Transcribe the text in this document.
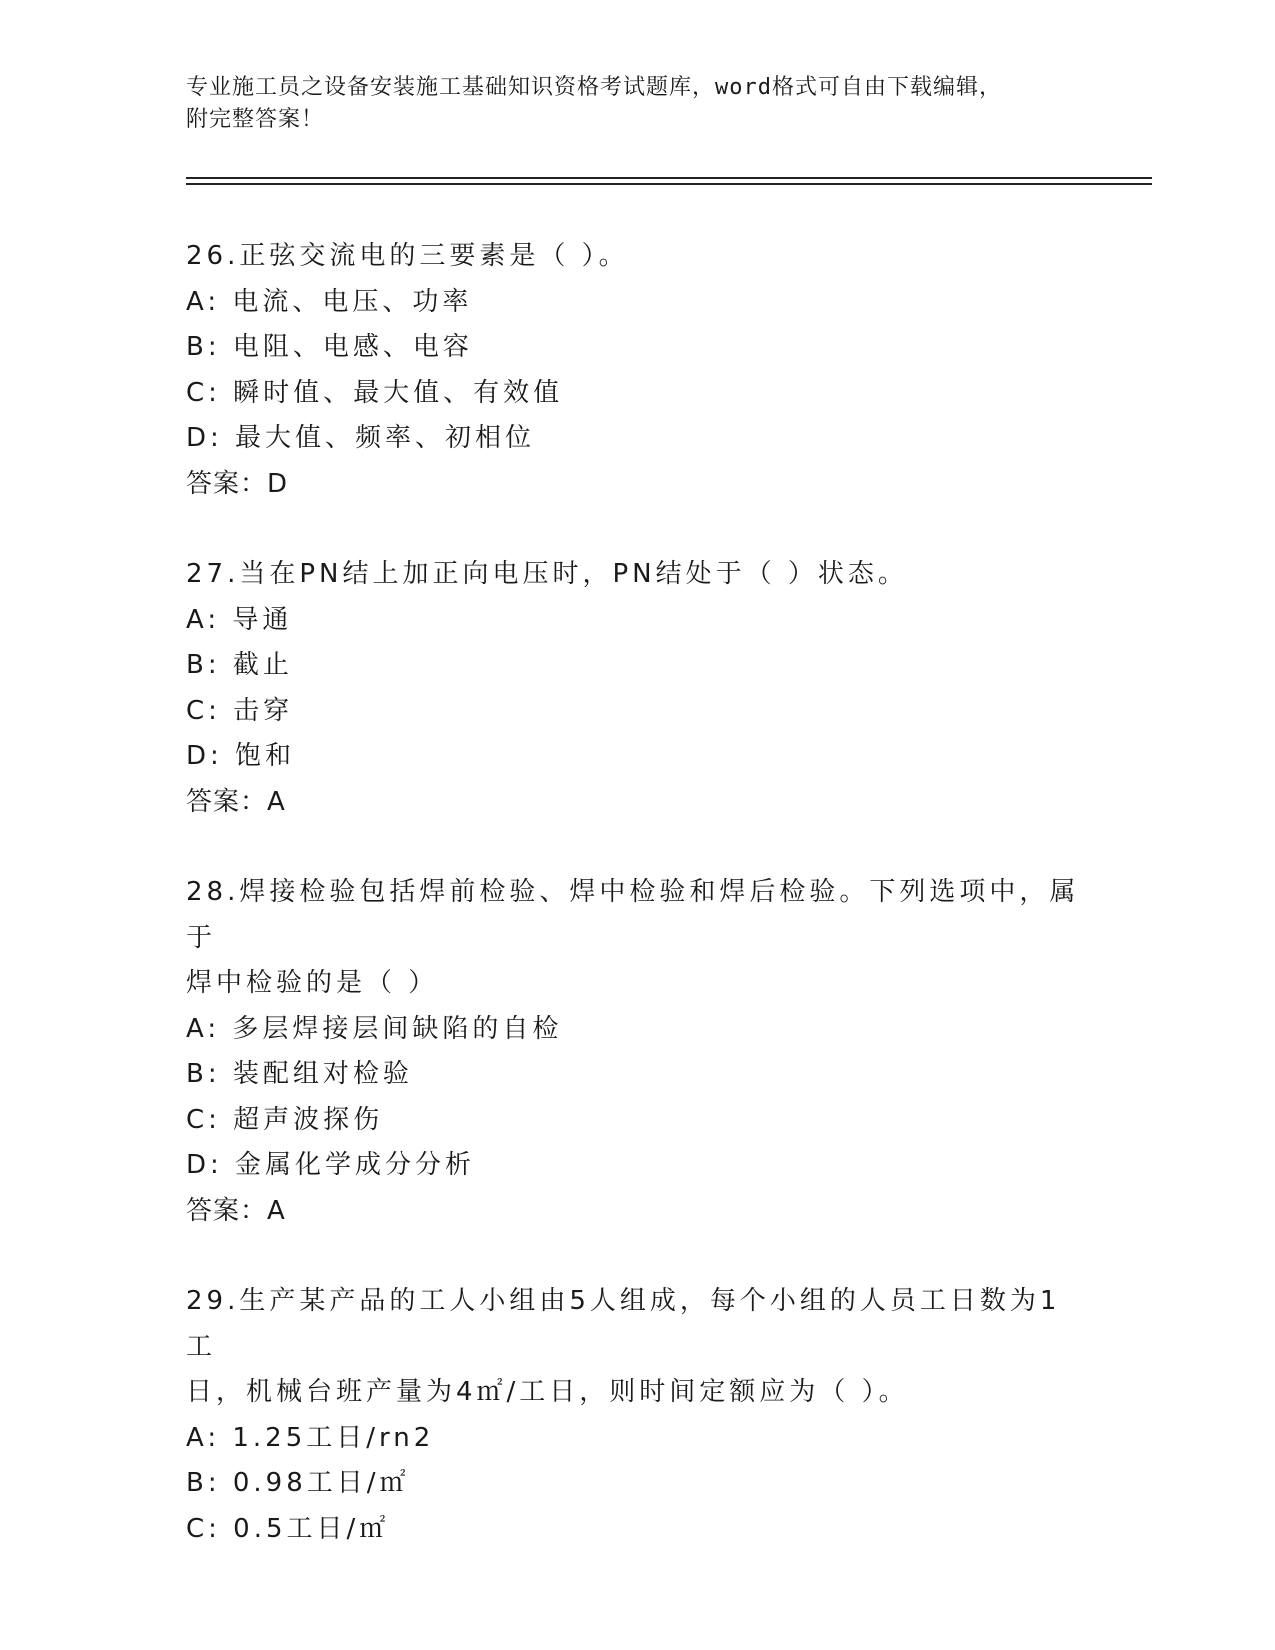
专业施工员之设备安装施工基础知识资格考试题库，word格式可自由下载编辑，
附完整答案！
26.正弦交流电的三要素是（ ）。
A: 电流、电压、功率
B: 电阻、电感、电容
C: 瞬时值、最大值、有效值
D: 最大值、频率、初相位
答案：D
27.当在PN结上加正向电压时，PN结处于（ ）状态。
A: 导通
B: 截止
C: 击穿
D: 饱和
答案：A
28.焊接检验包括焊前检验、焊中检验和焊后检验。下列选项中，属于
焊中检验的是（ ）
A: 多层焊接层间缺陷的自检
B: 装配组对检验
C: 超声波探伤
D: 金属化学成分分析
答案：A
29.生产某产品的工人小组由5人组成，每个小组的人员工日数为1工
日，机械台班产量为4㎡/工日，则时间定额应为（ ）。
A: 1.25工日/rn2
B: 0.98工日/㎡
C: 0.5工日/㎡
